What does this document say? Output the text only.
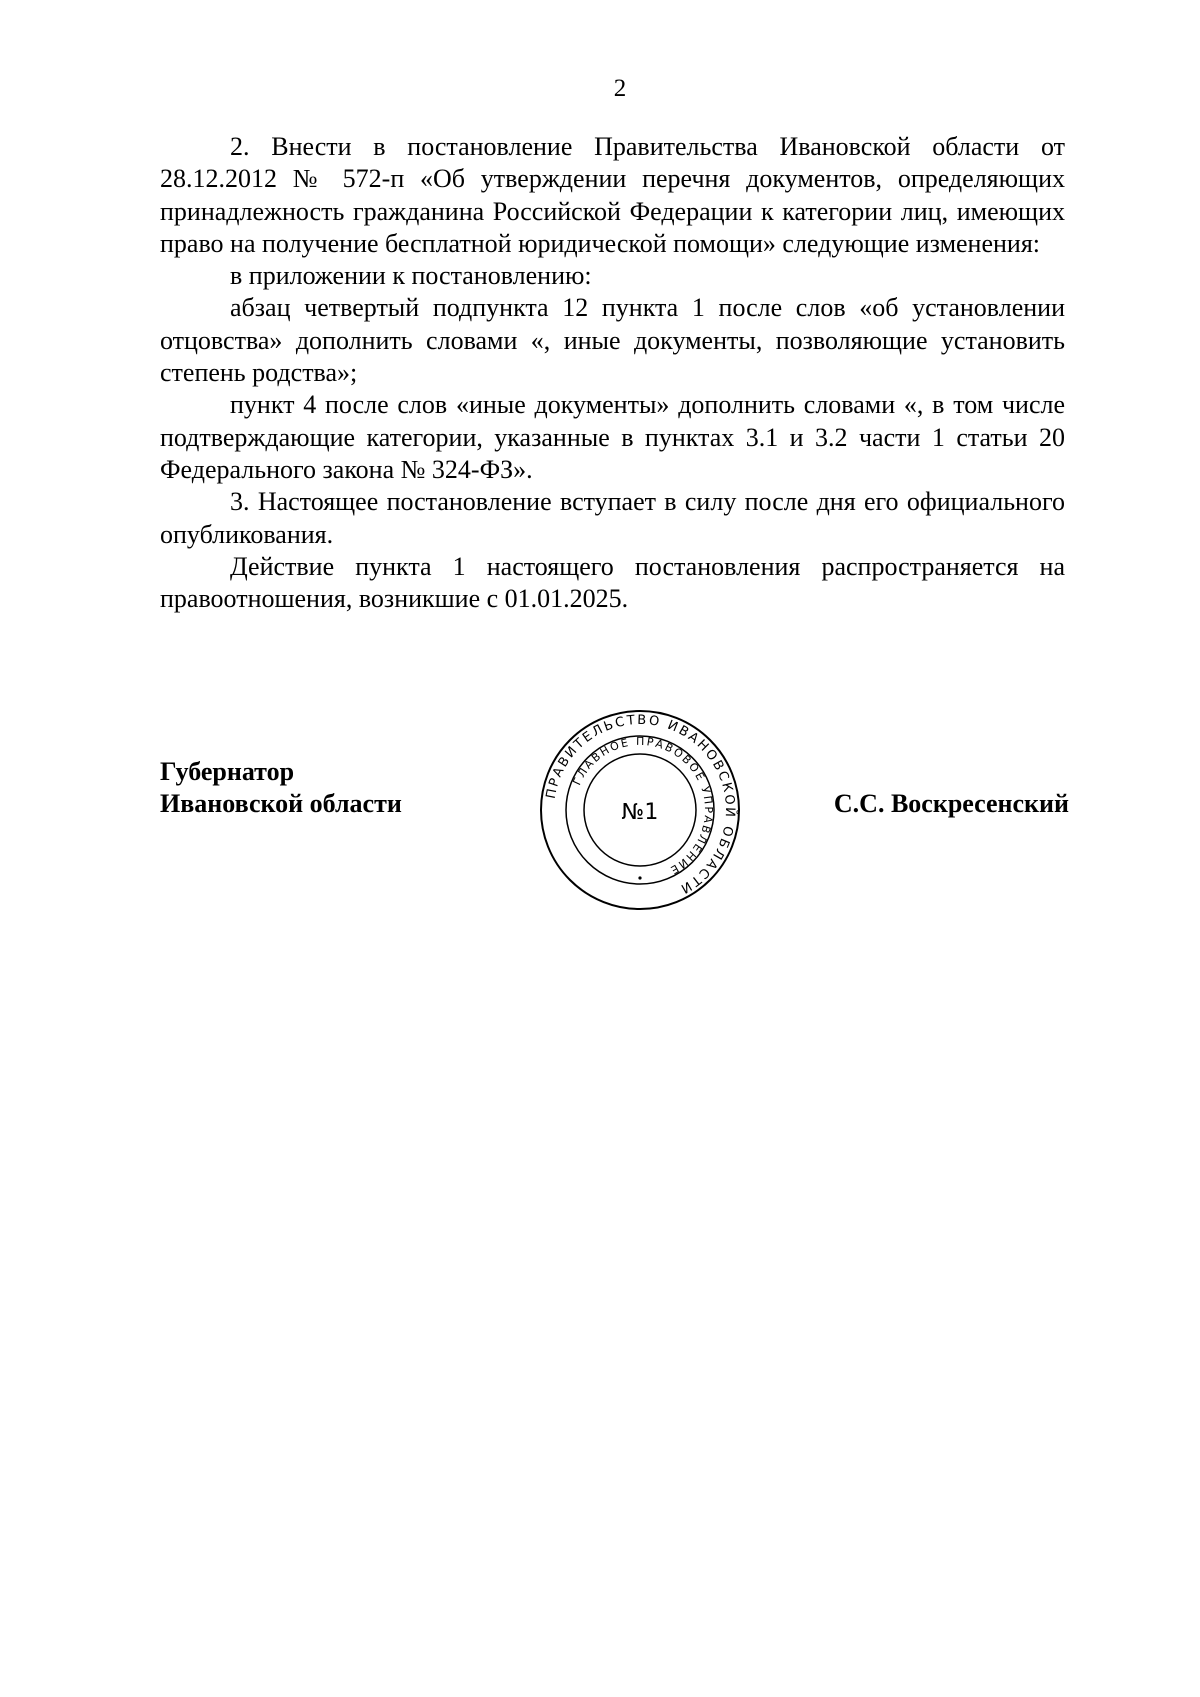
2

2. Внести в постановление Правительства Ивановской области от 28.12.2012 № 572-п «Об утверждении перечня документов, определяющих принадлежность гражданина Российской Федерации к категории лиц, имеющих право на получение бесплатной юридической помощи» следующие изменения:

в приложении к постановлению:

абзац четвертый подпункта 12 пункта 1 после слов «об установлении отцовства» дополнить словами «, иные документы, позволяющие установить степень родства»;

пункт 4 после слов «иные документы» дополнить словами «, в том числе подтверждающие категории, указанные в пунктах 3.1 и 3.2 части 1 статьи 20 Федерального закона № 324-ФЗ».

3. Настоящее постановление вступает в силу после дня его официального опубликования.

Действие пункта 1 настоящего постановления распространяется на правоотношения, возникшие с 01.01.2025.

Губернатор
Ивановской области	С.С. Воскресенский
ПРАВИТЕЛЬСТВО ИВАНОВСКОЙ ОБЛАСТИ
ГЛАВНОЕ ПРАВОВОЕ УПРАВЛЕНИЕ
№1
